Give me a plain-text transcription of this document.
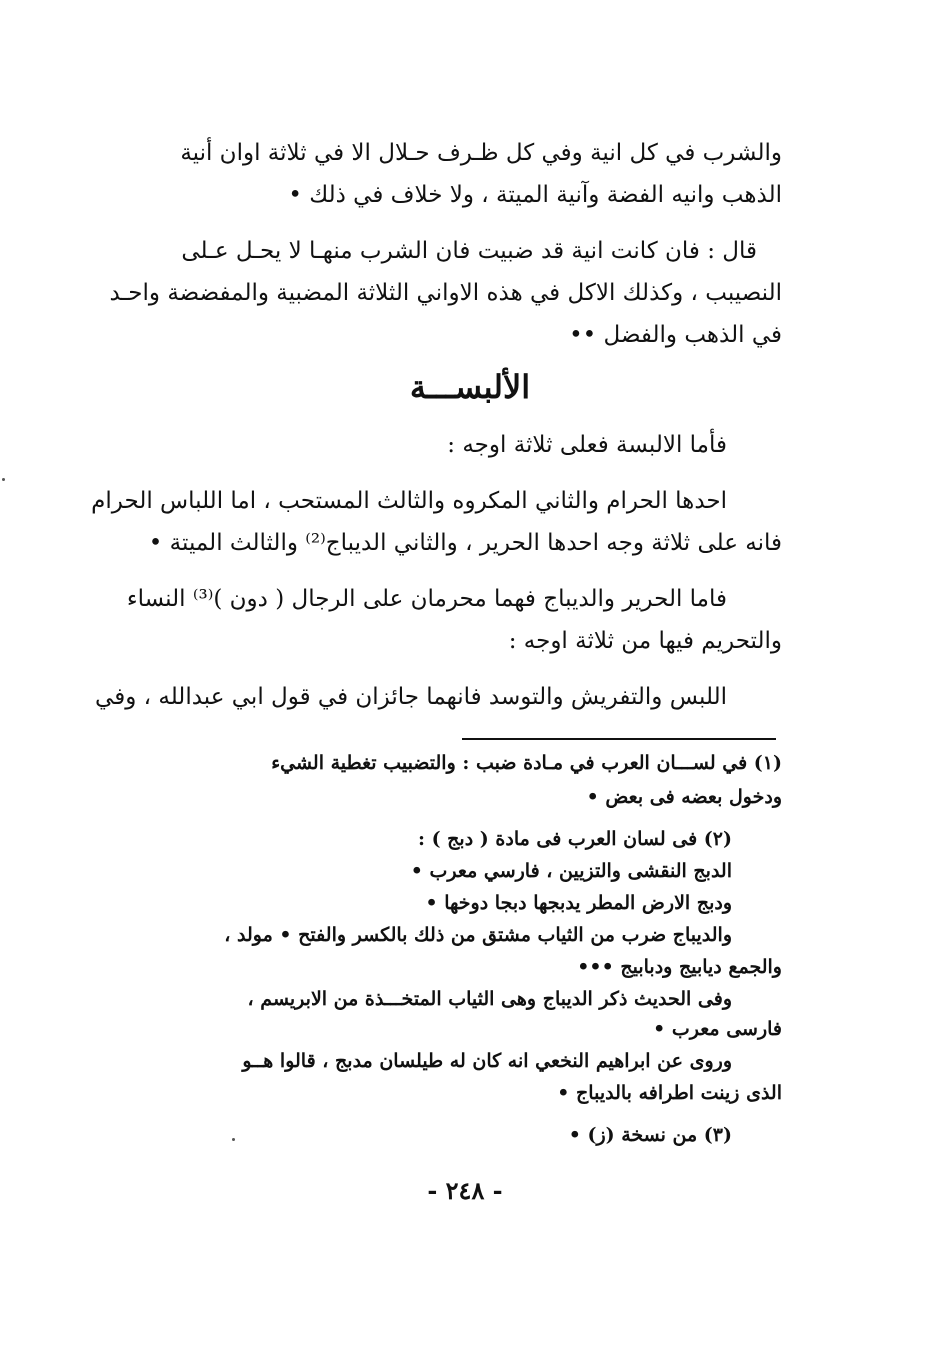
والشرب في كل انية وفي كل ظـرف حـلال الا في ثلاثة اوان أنية
الذهب وانيه الفضة وآنية الميتة ، ولا خلاف في ذلك •
قال : فان كانت انية قد ضبيت فان الشرب منهـا لا يحـل عـلى
النصيبب ، وكذلك الاكل في هذه الاواني الثلاثة المضبية والمفضضة واحـد
في الذهب والفضل ••
الألبســـة
فأما الالبسة فعلى ثلاثة اوجه :
احدها الحرام والثاني المكروه والثالث المستحب ، اما اللباس الحرام
فانه على ثلاثة وجه احدها الحرير ، والثاني الديباج⁽²⁾ والثالث الميتة •
فاما الحرير والديباج فهما محرمان على الرجال ( دون )⁽³⁾ النساء
والتحريم فيها من ثلاثة اوجه :
اللبس والتفريش والتوسد فانهما جائزان في قول ابي عبدالله ، وفي
(١) في لســـان العرب في مـادة ضبب : والتضبيب تغطية الشيء
ودخول بعضه فى بعض •
(٢) فى لسان العرب فى مادة ( دبج ) :
الدبج النقشى والتزيين ، فارسي معرب •
ودبج الارض المطر يدبجها دبجا دوخها •
والديباج ضرب من الثياب مشتق من ذلك بالكسر والفتح • مولد ،
والجمع ديابيج ودبابيج •••
وفى الحديث ذكر الديباج وهى الثياب المتخـــذة من الابريسم ،
فارسى معرب •
وروى عن ابراهيم النخعي انه كان له طيلسان مدبج ، قالوا هــو
الذى زينت اطرافه بالديباج •
(٣) من نسخة (ز) •
- ٢٤٨ -
